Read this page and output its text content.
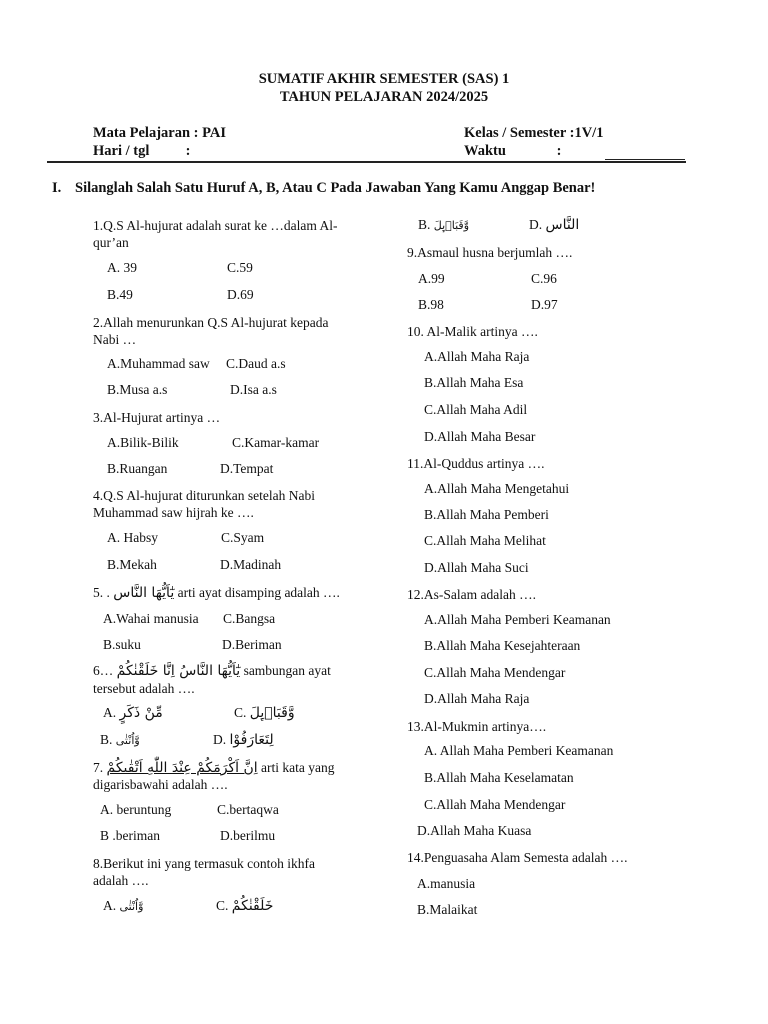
SUMATIF AKHIR SEMESTER (SAS) 1
TAHUN PELAJARAN 2024/2025
Mata Pelajaran : PAI
Hari / tgl          :
Kelas / Semester :1V/1
Waktu              :
I. Silanglah Salah Satu Huruf A, B, Atau C Pada Jawaban Yang Kamu Anggap Benar!
1.Q.S Al-hujurat adalah surat ke …dalam Al-
qur’an
A. 39	C.59
B.49	D.69
2.Allah menurunkan Q.S Al-hujurat kepada
Nabi …
A.Muhammad saw C.Daud a.s
B.Musa a.s	D.Isa a.s
3.Al-Hujurat artinya …
A.Bilik-Bilik	C.Kamar-kamar
B.Ruangan	D.Tempat
4.Q.S Al-hujurat diturunkan setelah Nabi
Muhammad saw hijrah ke ….
A. Habsy	C.Syam
B.Mekah	D.Madinah
5. . يٰٓاَيُّهَا النَّاس arti ayat disamping adalah ….
A.Wahai manusia C.Bangsa
B.suku	D.Beriman
6… يٰٓاَيُّهَا النَّاسُ اِنَّا خَلَقْنٰكُمْ sambungan ayat
tersebut adalah ….
A. مِّنْ ذَكَرٍ	C. وَّقَبَاۤىِٕلَ
B. وَّاُنْثٰى	D. لِتَعَارَفُوْا
7. اِنَّ اَكْرَمَكُمْ عِنْدَ اللّٰهِ اَتْقٰىكُمْ arti kata yang
digarisbawahi adalah ….
A. beruntung	C.bertaqwa
B .beriman	D.berilmu
8.Berikut ini yang termasuk contoh ikhfa
adalah ….
A. وَّاُنْثٰى	C. خَلَقْنٰكُمْ
B. وَّقَبَاۤىِٕلَ	D. النَّاس
9.Asmaul husna berjumlah ….
A.99	C.96
B.98	D.97
10. Al-Malik artinya ….
A.Allah Maha Raja
B.Allah Maha Esa
C.Allah Maha Adil
D.Allah Maha Besar
11.Al-Quddus artinya ….
A.Allah Maha Mengetahui
B.Allah Maha Pemberi
C.Allah Maha Melihat
D.Allah Maha Suci
12.As-Salam adalah ….
A.Allah Maha Pemberi Keamanan
B.Allah Maha Kesejahteraan
C.Allah Maha Mendengar
D.Allah Maha Raja
13.Al-Mukmin artinya….
A. Allah Maha Pemberi Keamanan
B.Allah Maha Keselamatan
C.Allah Maha Mendengar
D.Allah Maha Kuasa
14.Penguasaha Alam Semesta adalah ….
A.manusia
B.Malaikat
